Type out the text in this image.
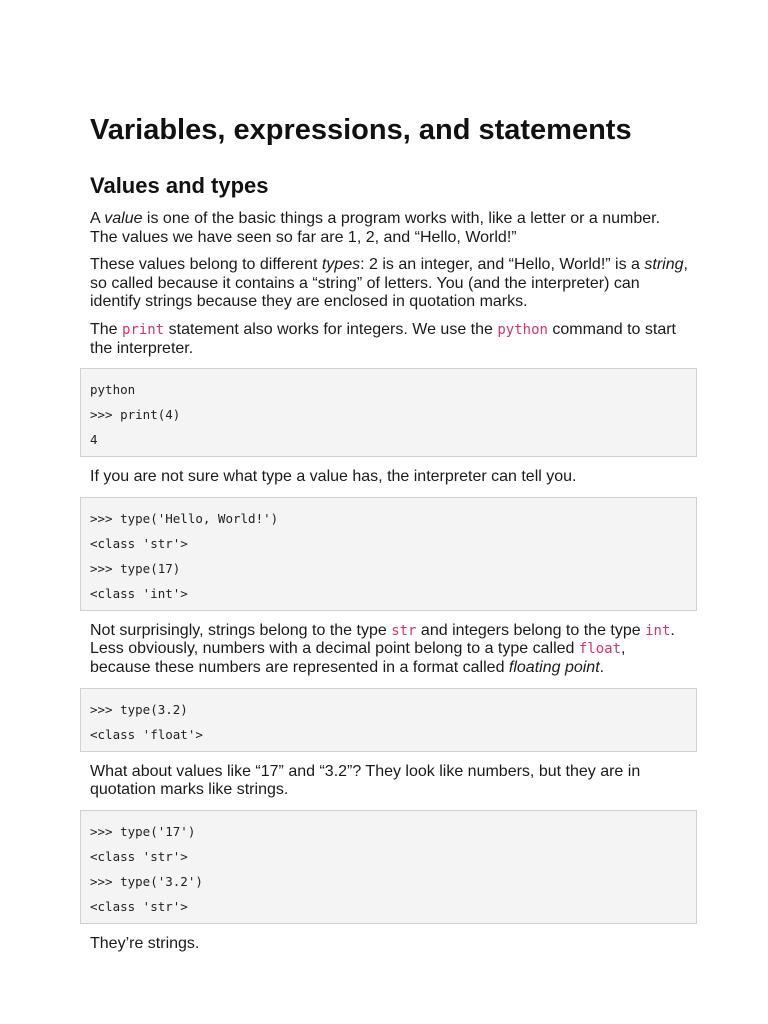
Variables, expressions, and statements
Values and types

A value is one of the basic things a program works with, like a letter or a number. The values we have seen so far are 1, 2, and “Hello, World!”

These values belong to different types: 2 is an integer, and “Hello, World!” is a string, so called because it contains a “string” of letters. You (and the interpreter) can identify strings because they are enclosed in quotation marks.

The print statement also works for integers. We use the python command to start the interpreter.

python
>>> print(4)
4

If you are not sure what type a value has, the interpreter can tell you.

>>> type('Hello, World!')
<class 'str'>
>>> type(17)
<class 'int'>

Not surprisingly, strings belong to the type str and integers belong to the type int. Less obviously, numbers with a decimal point belong to a type called float, because these numbers are represented in a format called floating point.

>>> type(3.2)
<class 'float'>

What about values like “17” and “3.2”? They look like numbers, but they are in quotation marks like strings.

>>> type('17')
<class 'str'>
>>> type('3.2')
<class 'str'>

They’re strings.
